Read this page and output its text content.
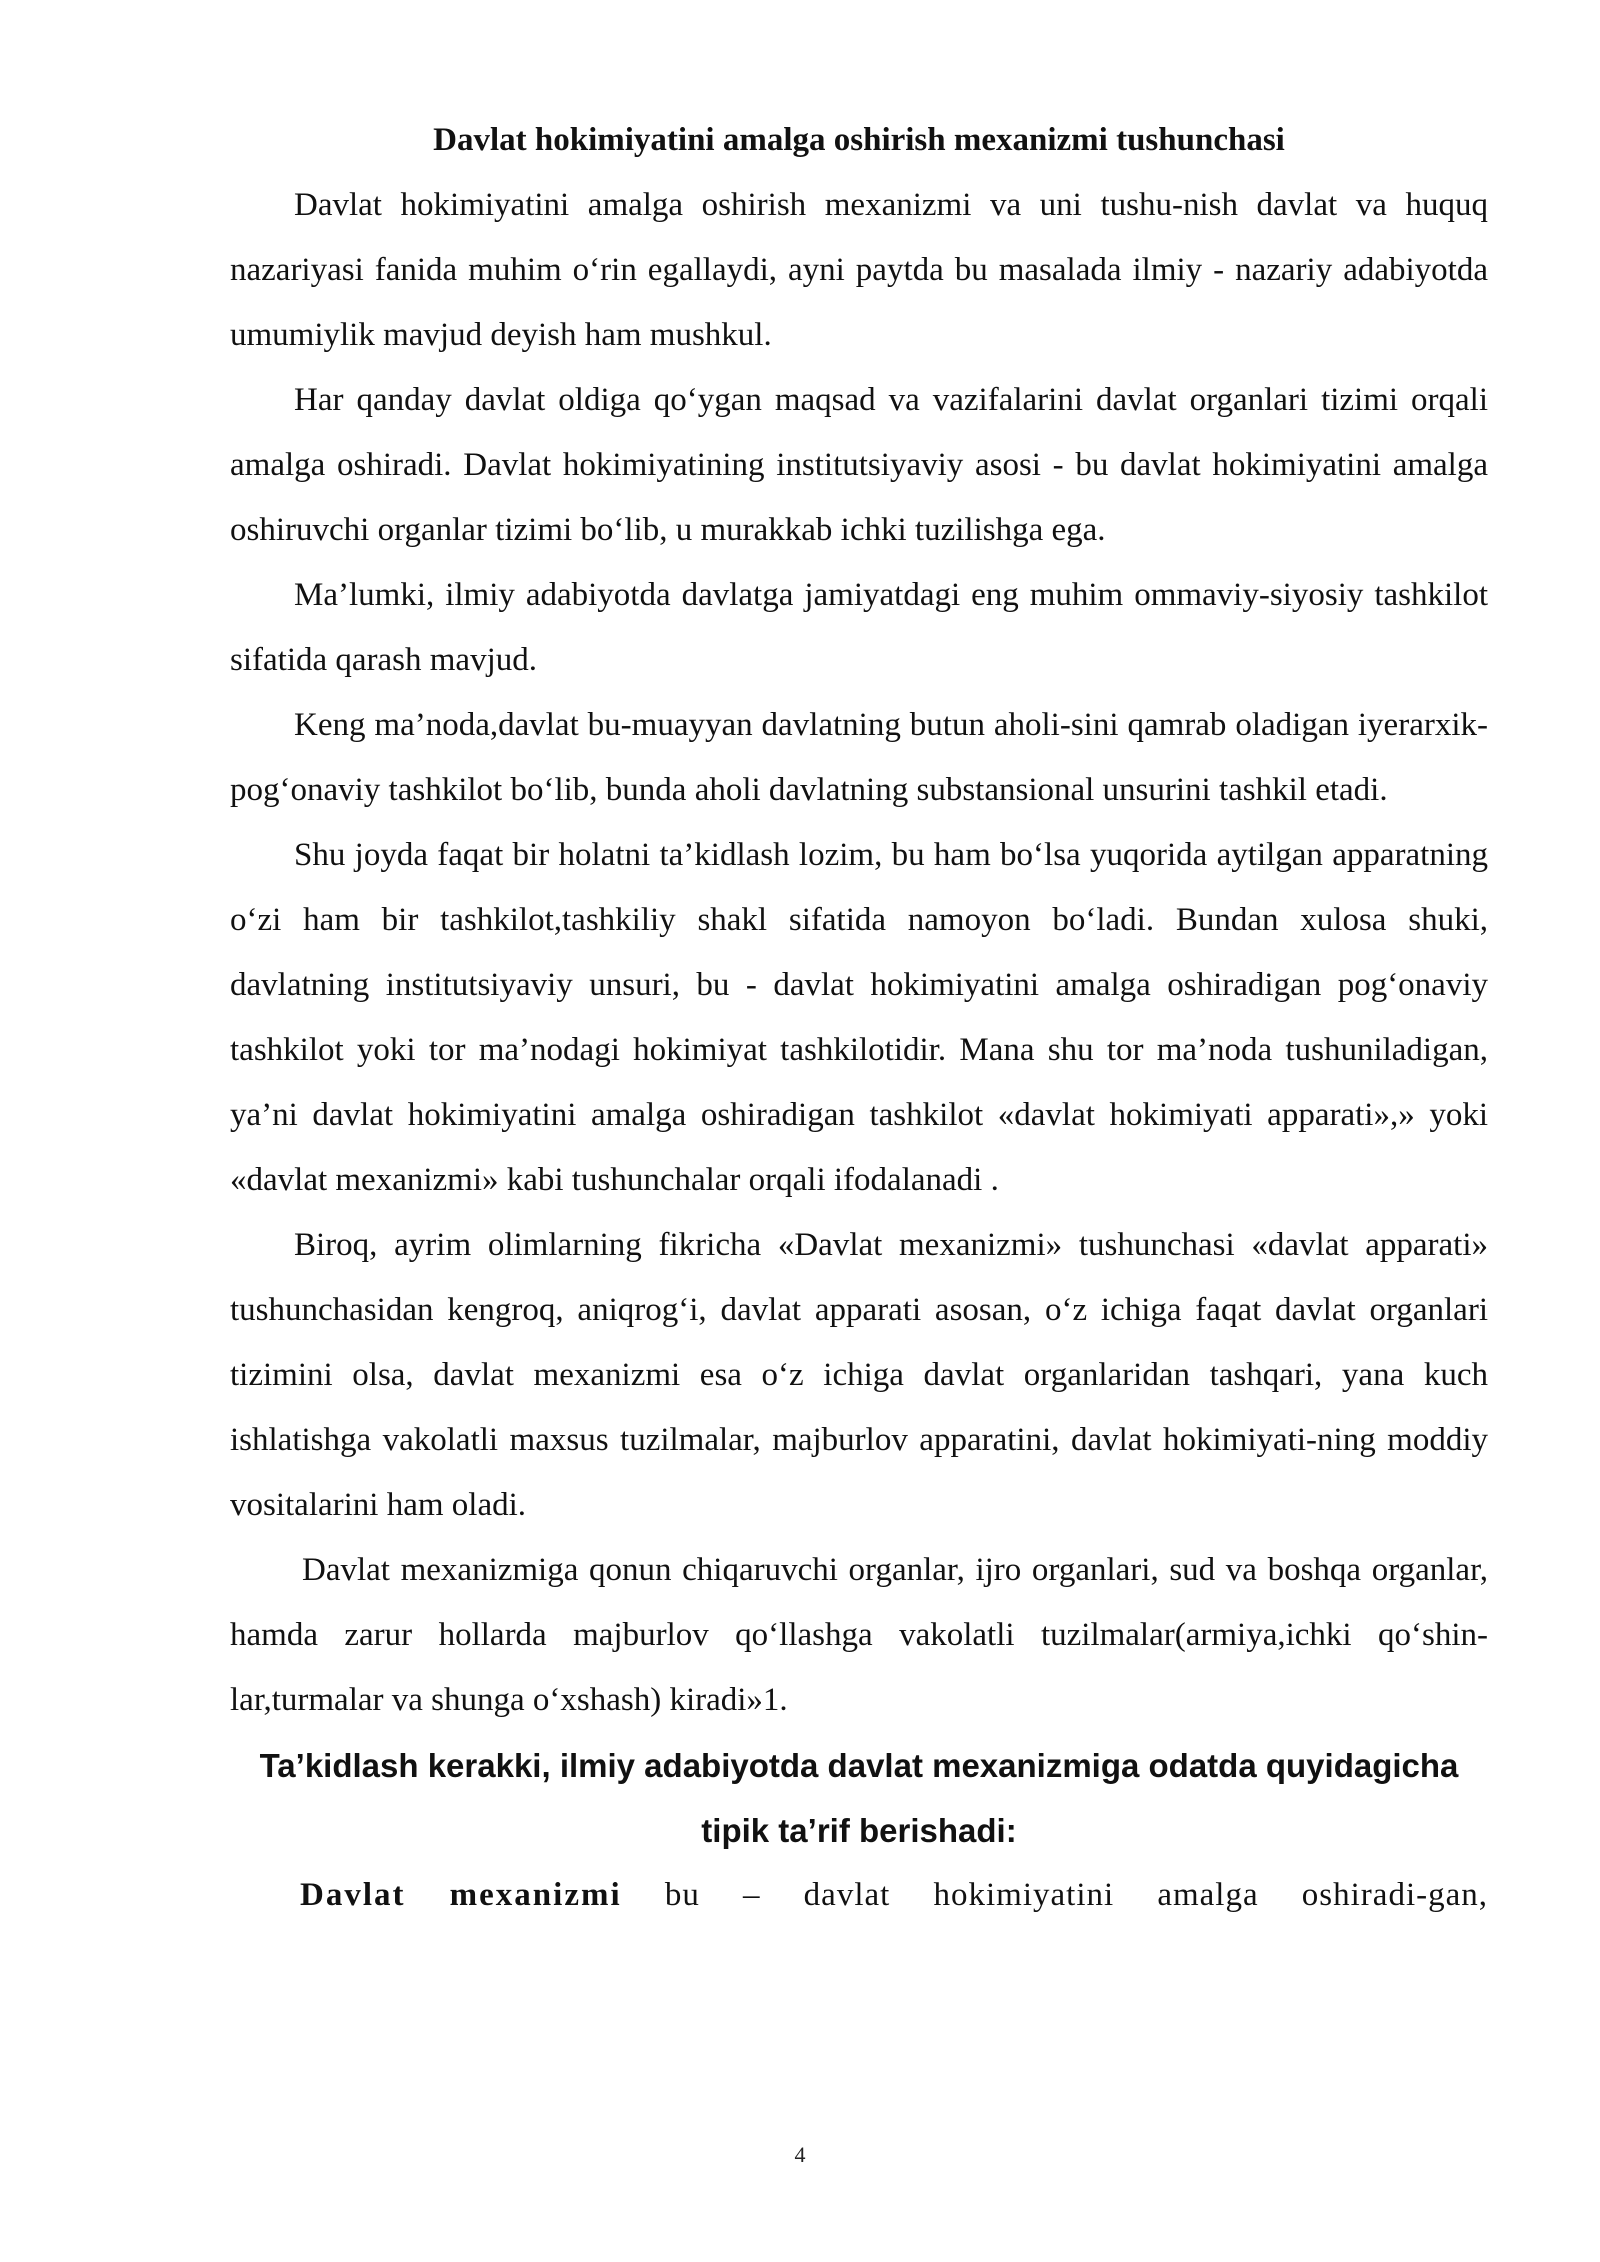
Davlat hokimiyatini amalga oshirish mexanizmi tushunchasi

Davlat hokimiyatini amalga oshirish mexanizmi va uni tushu-nish davlat va huquq nazariyasi fanida muhim o‘rin egallaydi, ayni paytda bu masalada ilmiy - nazariy adabiyotda umumiylik mavjud deyish ham mushkul.

Har qanday davlat oldiga qo‘ygan maqsad va vazifalarini davlat organlari tizimi orqali amalga oshiradi. Davlat hokimiyatining institutsiyaviy asosi - bu davlat hokimiyatini amalga oshiruvchi organlar tizimi bo‘lib, u murakkab ichki tuzilishga ega.

Ma’lumki, ilmiy adabiyotda davlatga jamiyatdagi eng muhim ommaviy-siyosiy tashkilot sifatida qarash mavjud.

Keng ma’noda,davlat bu-muayyan davlatning butun aholi-sini qamrab oladigan iyerarxik- pog‘onaviy tashkilot bo‘lib, bunda aholi davlatning substansional unsurini tashkil etadi.

Shu joyda faqat bir holatni ta’kidlash lozim, bu ham bo‘lsa yuqorida aytilgan apparatning o‘zi ham bir tashkilot,tashkiliy shakl sifatida namoyon bo‘ladi. Bundan xulosa shuki, davlatning institutsiyaviy unsuri, bu - davlat hokimiyatini amalga oshiradigan pog‘onaviy tashkilot yoki tor ma’nodagi hokimiyat tashkilotidir. Mana shu tor ma’noda tushuniladigan, ya’ni davlat hokimiyatini amalga oshiradigan tashkilot «davlat hokimiyati apparati»,» yoki «davlat mexanizmi» kabi tushunchalar orqali ifodalanadi .

Biroq, ayrim olimlarning fikricha «Davlat mexanizmi» tushunchasi «davlat apparati» tushunchasidan kengroq, aniqrog‘i, davlat apparati asosan, o‘z ichiga faqat davlat organlari tizimini olsa, davlat mexanizmi esa o‘z ichiga davlat organlaridan tashqari, yana kuch ishlatishga vakolatli maxsus tuzilmalar, majburlov apparatini, davlat hokimiyati-ning moddiy vositalarini ham oladi.

Davlat mexanizmiga qonun chiqaruvchi organlar, ijro organlari, sud va boshqa organlar, hamda zarur hollarda majburlov qo‘llashga vakolatli tuzilmalar(armiya,ichki qo‘shin-lar,turmalar va shunga o‘xshash) kiradi»1.

Ta’kidlash kerakki, ilmiy adabiyotda davlat mexanizmiga odatda quyidagicha tipik ta’rif berishadi:

Davlat mexanizmi bu – davlat hokimiyatini amalga oshiradi-gan,

4
